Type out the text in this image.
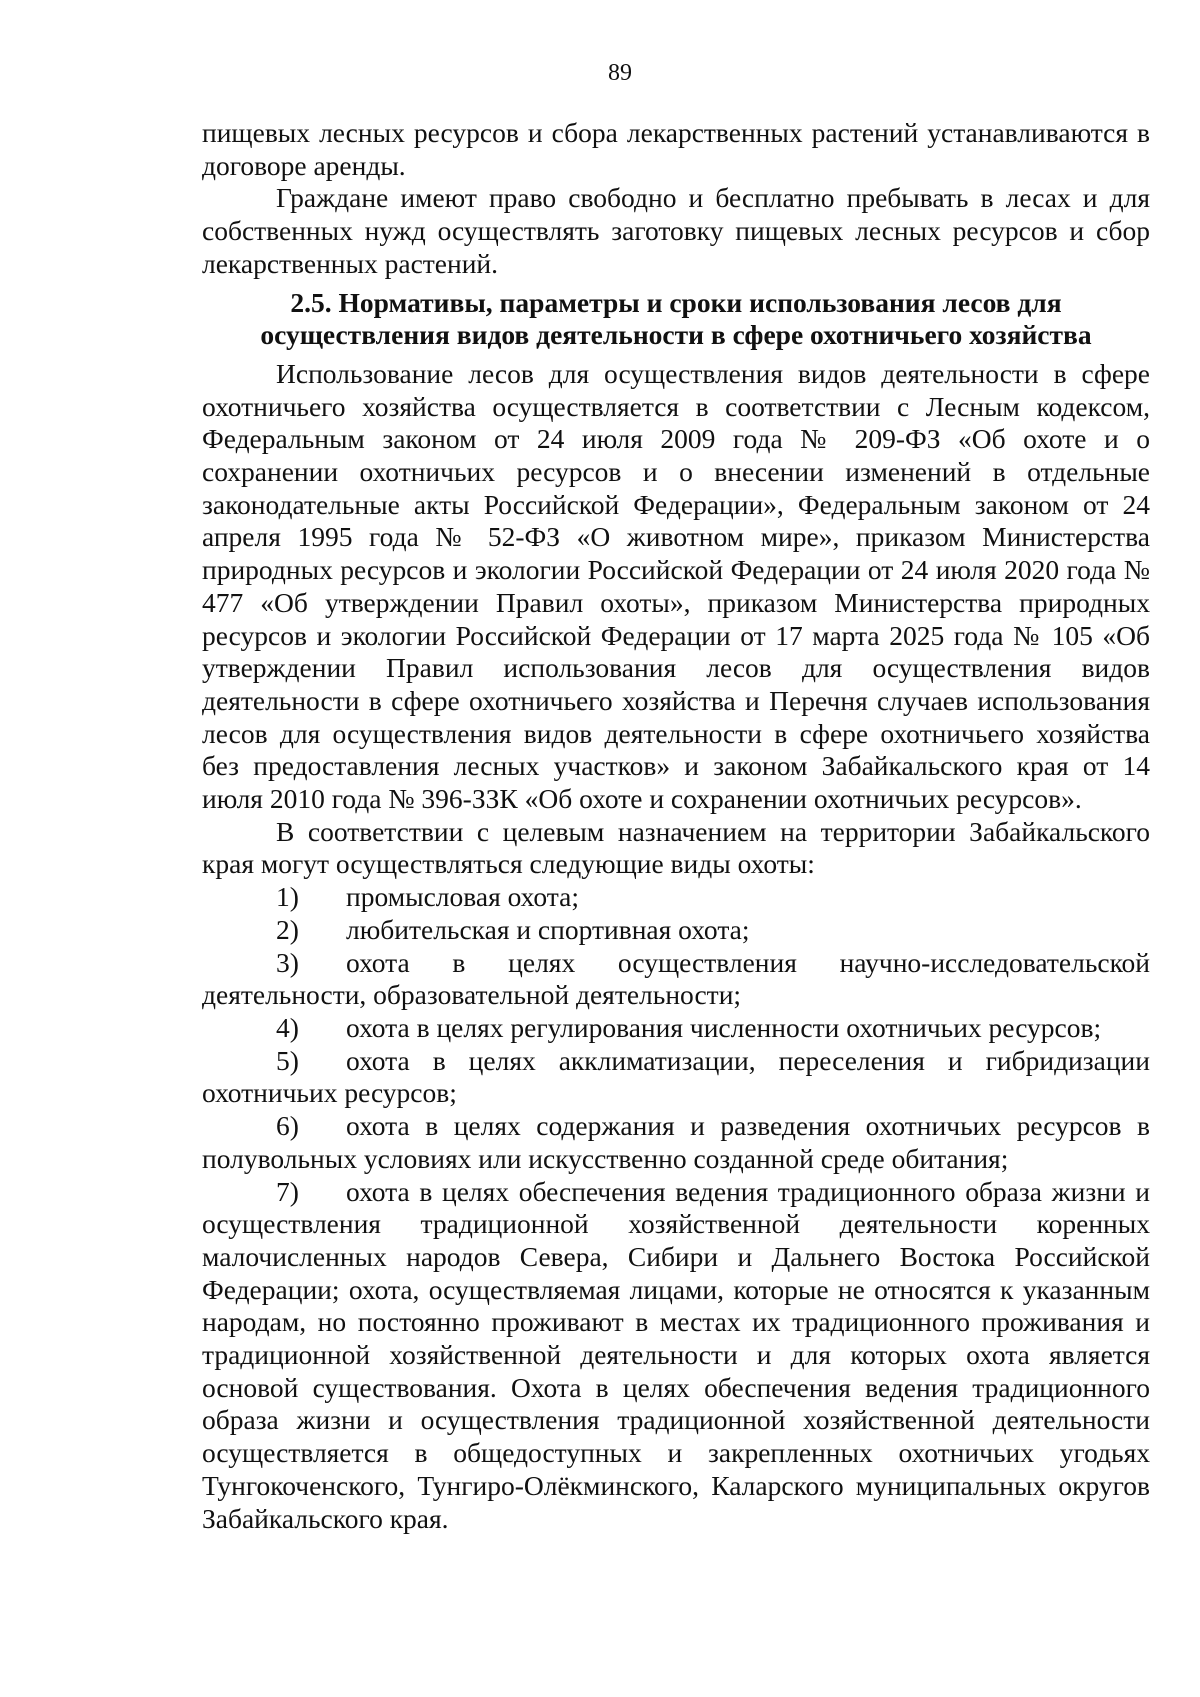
89

пищевых лесных ресурсов и сбора лекарственных растений устанавливаются в договоре аренды.

Граждане имеют право свободно и бесплатно пребывать в лесах и для собственных нужд осуществлять заготовку пищевых лесных ресурсов и сбор лекарственных растений.

2.5. Нормативы, параметры и сроки использования лесов для
осуществления видов деятельности в сфере охотничьего хозяйства

Использование лесов для осуществления видов деятельности в сфере охотничьего хозяйства осуществляется в соответствии с Лесным кодексом, Федеральным законом от 24 июля 2009 года № 209-ФЗ «Об охоте и о сохранении охотничьих ресурсов и о внесении изменений в отдельные законодательные акты Российской Федерации», Федеральным законом от 24 апреля 1995 года № 52-ФЗ «О животном мире», приказом Министерства природных ресурсов и экологии Российской Федерации от 24 июля 2020 года № 477 «Об утверждении Правил охоты», приказом Министерства природных ресурсов и экологии Российской Федерации от 17 марта 2025 года № 105 «Об утверждении Правил использования лесов для осуществления видов деятельности в сфере охотничьего хозяйства и Перечня случаев использования лесов для осуществления видов деятельности в сфере охотничьего хозяйства без предоставления лесных участков» и законом Забайкальского края от 14 июля 2010 года № 396-ЗЗК «Об охоте и сохранении охотничьих ресурсов».

В соответствии с целевым назначением на территории Забайкальского края могут осуществляться следующие виды охоты:

1) промысловая охота;

2) любительская и спортивная охота;

3) охота в целях осуществления научно-исследовательской деятельности, образовательной деятельности;

4) охота в целях регулирования численности охотничьих ресурсов;

5) охота в целях акклиматизации, переселения и гибридизации охотничьих ресурсов;

6) охота в целях содержания и разведения охотничьих ресурсов в полувольных условиях или искусственно созданной среде обитания;

7) охота в целях обеспечения ведения традиционного образа жизни и осуществления традиционной хозяйственной деятельности коренных малочисленных народов Севера, Сибири и Дальнего Востока Российской Федерации; охота, осуществляемая лицами, которые не относятся к указанным народам, но постоянно проживают в местах их традиционного проживания и традиционной хозяйственной деятельности и для которых охота является основой существования. Охота в целях обеспечения ведения традиционного образа жизни и осуществления традиционной хозяйственной деятельности осуществляется в общедоступных и закрепленных охотничьих угодьях Тунгокоченского, Тунгиро-Олёкминского, Каларского муниципальных округов Забайкальского края.
